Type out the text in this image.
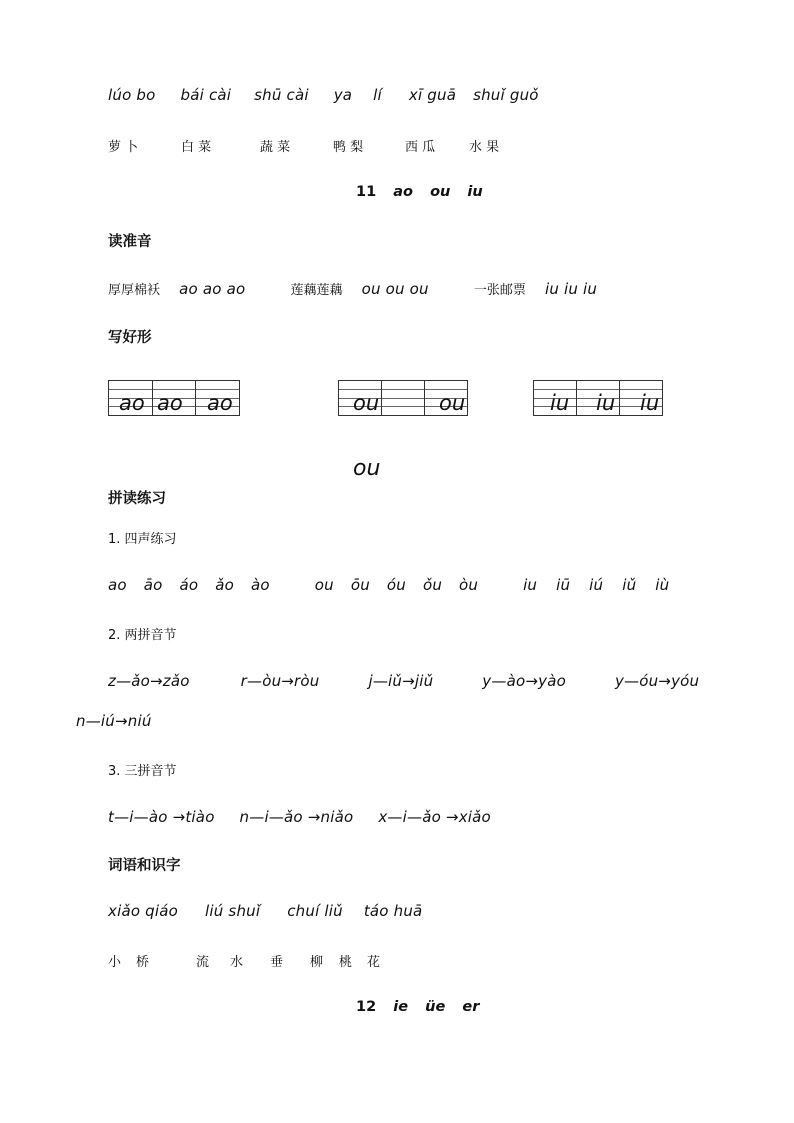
lúo bo bái cài shū cài ya lí xī guā shuǐ guǒ
萝 卜	白 菜	蔬 菜	鸭 梨	西 瓜	水 果
11 ao ou iu
读准音
厚厚棉袄 ao ao ao	莲藕莲藕 ou ou ou	一张邮票 iu iu iu
写好形
ao ao ao	ou	ou	iu iu iu
ou
拼读练习
1. 四声练习
ao āo áo ǎo ào	ou ōu óu ǒu òu	iu iū iú iǔ iù
2. 两拼音节
z—ǎo→zǎo	r—òu→ròu	j—iǔ→jiǔ	y—ào→yào	y—óu→yóu
n—iú→niú
3. 三拼音节
t—i—ào →tiào n—i—ǎo →niǎo x—i—ǎo →xiǎo
词语和识字
xiǎo qiáo liú shuǐ chuí liǔ táo huā
小 桥	流 水 垂 柳 桃 花
12 ie üe er
